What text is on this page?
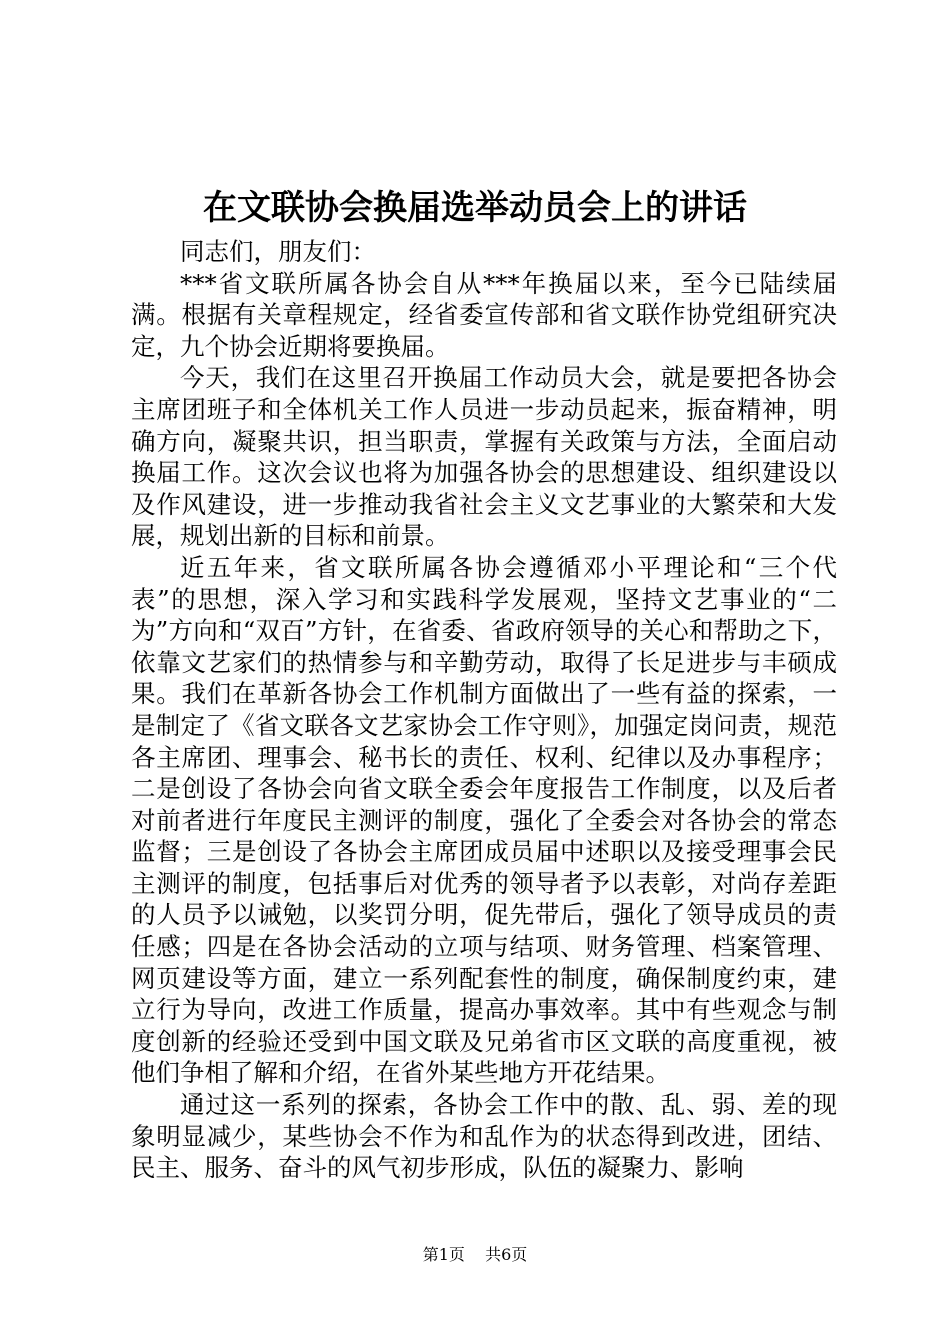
在文联协会换届选举动员会上的讲话

同志们，朋友们：

***省文联所属各协会自从***年换届以来，至今已陆续届满。根据有关章程规定，经省委宣传部和省文联作协党组研究决定，九个协会近期将要换届。

今天，我们在这里召开换届工作动员大会，就是要把各协会主席团班子和全体机关工作人员进一步动员起来，振奋精神，明确方向，凝聚共识，担当职责，掌握有关政策与方法，全面启动换届工作。这次会议也将为加强各协会的思想建设、组织建设以及作风建设，进一步推动我省社会主义文艺事业的大繁荣和大发展，规划出新的目标和前景。

近五年来，省文联所属各协会遵循邓小平理论和“三个代表”的思想，深入学习和实践科学发展观，坚持文艺事业的“二为”方向和“双百”方针，在省委、省政府领导的关心和帮助之下，依靠文艺家们的热情参与和辛勤劳动，取得了长足进步与丰硕成果。我们在革新各协会工作机制方面做出了一些有益的探索，一是制定了《省文联各文艺家协会工作守则》，加强定岗问责，规范各主席团、理事会、秘书长的责任、权利、纪律以及办事程序；二是创设了各协会向省文联全委会年度报告工作制度，以及后者对前者进行年度民主测评的制度，强化了全委会对各协会的常态监督；三是创设了各协会主席团成员届中述职以及接受理事会民主测评的制度，包括事后对优秀的领导者予以表彰，对尚存差距的人员予以诫勉，以奖罚分明，促先带后，强化了领导成员的责任感；四是在各协会活动的立项与结项、财务管理、档案管理、网页建设等方面，建立一系列配套性的制度，确保制度约束，建立行为导向，改进工作质量，提高办事效率。其中有些观念与制度创新的经验还受到中国文联及兄弟省市区文联的高度重视，被他们争相了解和介绍，在省外某些地方开花结果。

通过这一系列的探索，各协会工作中的散、乱、弱、差的现象明显减少，某些协会不作为和乱作为的状态得到改进，团结、民主、服务、奋斗的风气初步形成，队伍的凝聚力、影响

第1页 共6页
